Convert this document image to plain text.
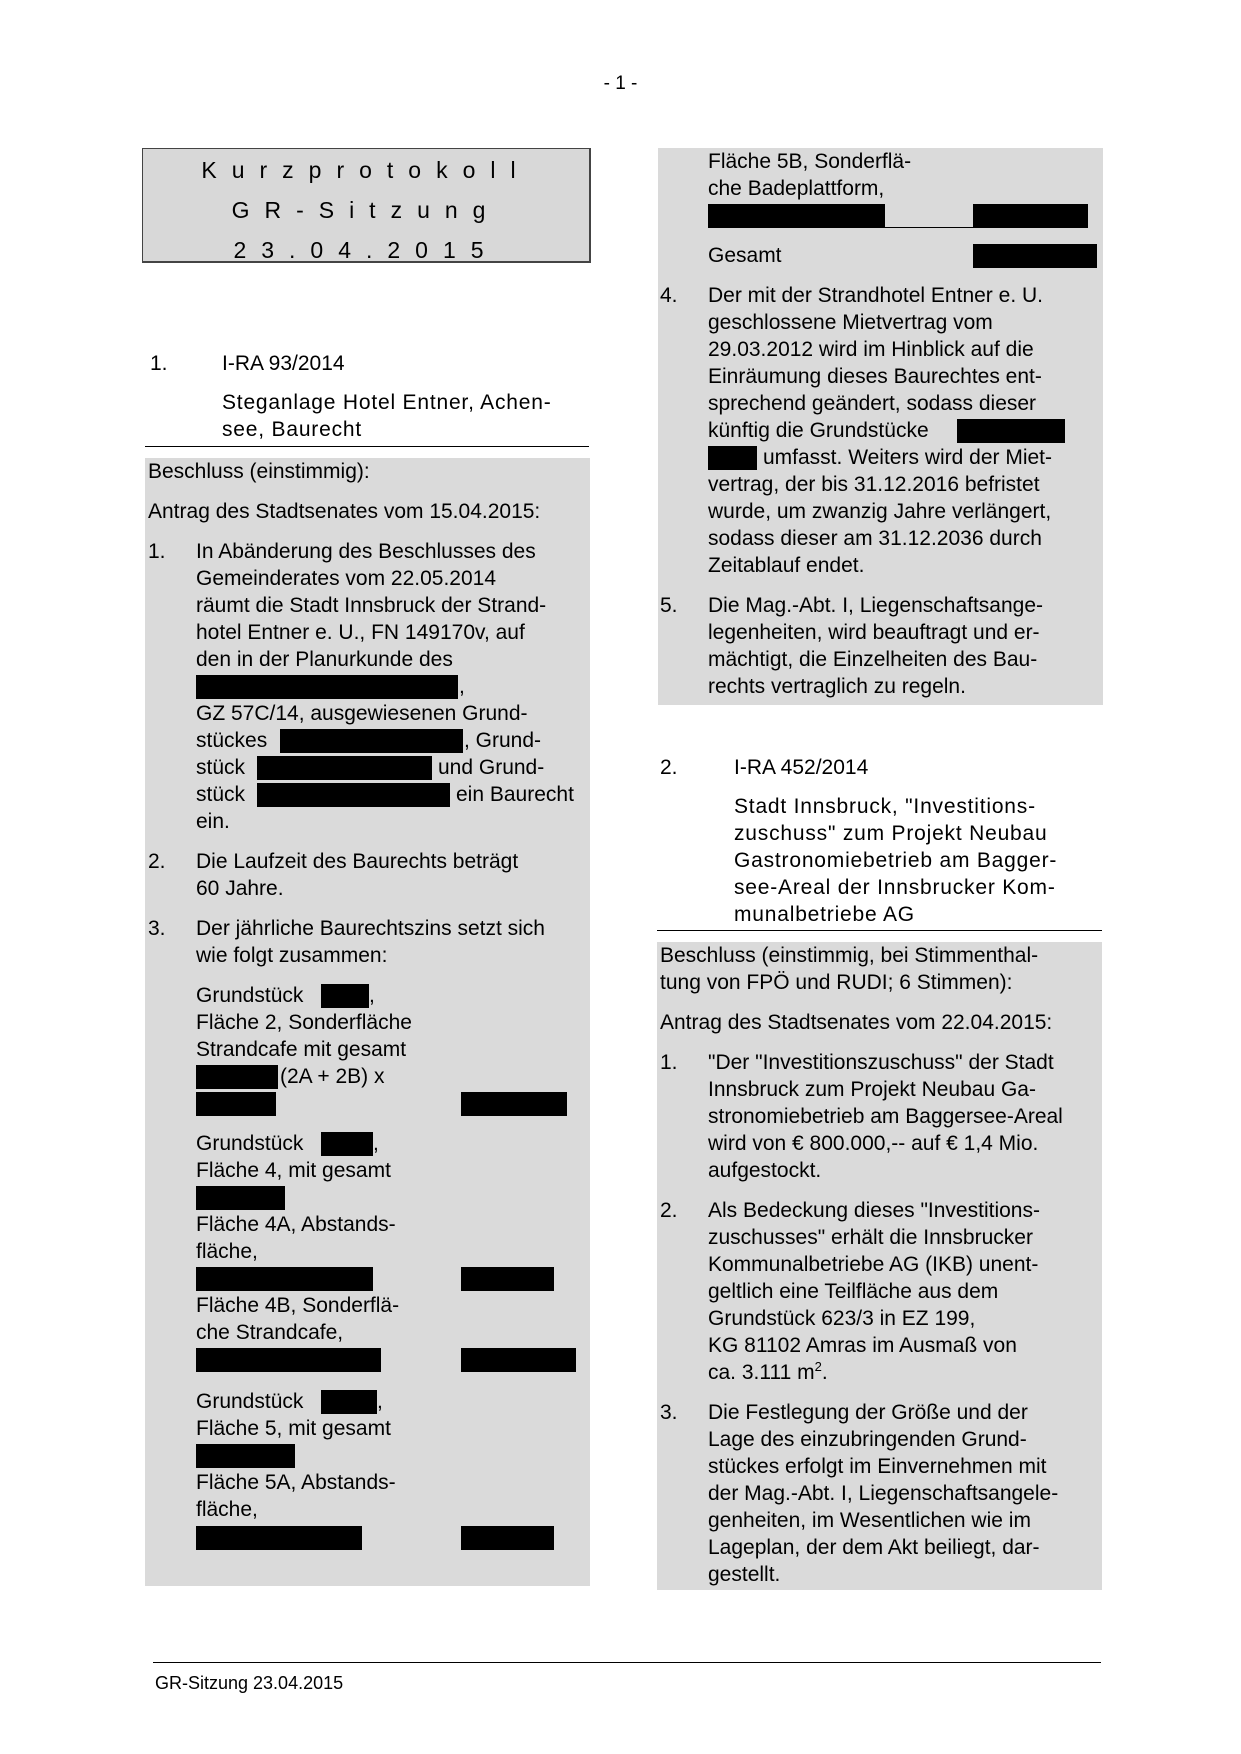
- 1 -
Kurzprotokoll
GR-Sitzung
23.04.2015
1.	I-RA 93/2014
Steganlage Hotel Entner, Achen-
see, Baurecht
Beschluss (einstimmig):
Antrag des Stadtsenates vom 15.04.2015:
1. In Abänderung des Beschlusses des
Gemeinderates vom 22.05.2014
räumt die Stadt Innsbruck der Strand-
hotel Entner e. U., FN 149170v, auf
den in der Planurkunde des
,
GZ 57C/14, ausgewiesenen Grund-
stückes	, Grund-
stück	und Grund-
stück	ein Baurecht
ein.
2. Die Laufzeit des Baurechts beträgt
60 Jahre.
3. Der jährliche Baurechtszins setzt sich
wie folgt zusammen:
Grundstück	,
Fläche 2, Sonderfläche
Strandcafe mit gesamt
(2A + 2B) x
Grundstück	,
Fläche 4, mit gesamt
Fläche 4A, Abstands-
fläche,
Fläche 4B, Sonderflä-
che Strandcafe,
Grundstück	,
Fläche 5, mit gesamt
Fläche 5A, Abstands-
fläche,
Fläche 5B, Sonderflä-
che Badeplattform,
Gesamt
4. Der mit der Strandhotel Entner e. U.
geschlossene Mietvertrag vom
29.03.2012 wird im Hinblick auf die
Einräumung dieses Baurechtes ent-
sprechend geändert, sodass dieser
künftig die Grundstücke
umfasst. Weiters wird der Miet-
vertrag, der bis 31.12.2016 befristet
wurde, um zwanzig Jahre verlängert,
sodass dieser am 31.12.2036 durch
Zeitablauf endet.
5. Die Mag.-Abt. I, Liegenschaftsange-
legenheiten, wird beauftragt und er-
mächtigt, die Einzelheiten des Bau-
rechts vertraglich zu regeln.
2.	I-RA 452/2014
Stadt Innsbruck, "Investitions-
zuschuss" zum Projekt Neubau
Gastronomiebetrieb am Bagger-
see-Areal der Innsbrucker Kom-
munalbetriebe AG
Beschluss (einstimmig, bei Stimmenthal-
tung von FPÖ und RUDI; 6 Stimmen):
Antrag des Stadtsenates vom 22.04.2015:
1. "Der "Investitionszuschuss" der Stadt
Innsbruck zum Projekt Neubau Ga-
stronomiebetrieb am Baggersee-Areal
wird von € 800.000,-- auf € 1,4 Mio.
aufgestockt.
2. Als Bedeckung dieses "Investitions-
zuschusses" erhält die Innsbrucker
Kommunalbetriebe AG (IKB) unent-
geltlich eine Teilfläche aus dem
Grundstück 623/3 in EZ 199,
KG 81102 Amras im Ausmaß von
ca. 3.111 $m^2$.
3. Die Festlegung der Größe und der
Lage des einzubringenden Grund-
stückes erfolgt im Einvernehmen mit
der Mag.-Abt. I, Liegenschaftsangele-
genheiten, im Wesentlichen wie im
Lageplan, der dem Akt beiliegt, dar-
gestellt.
GR-Sitzung 23.04.2015
